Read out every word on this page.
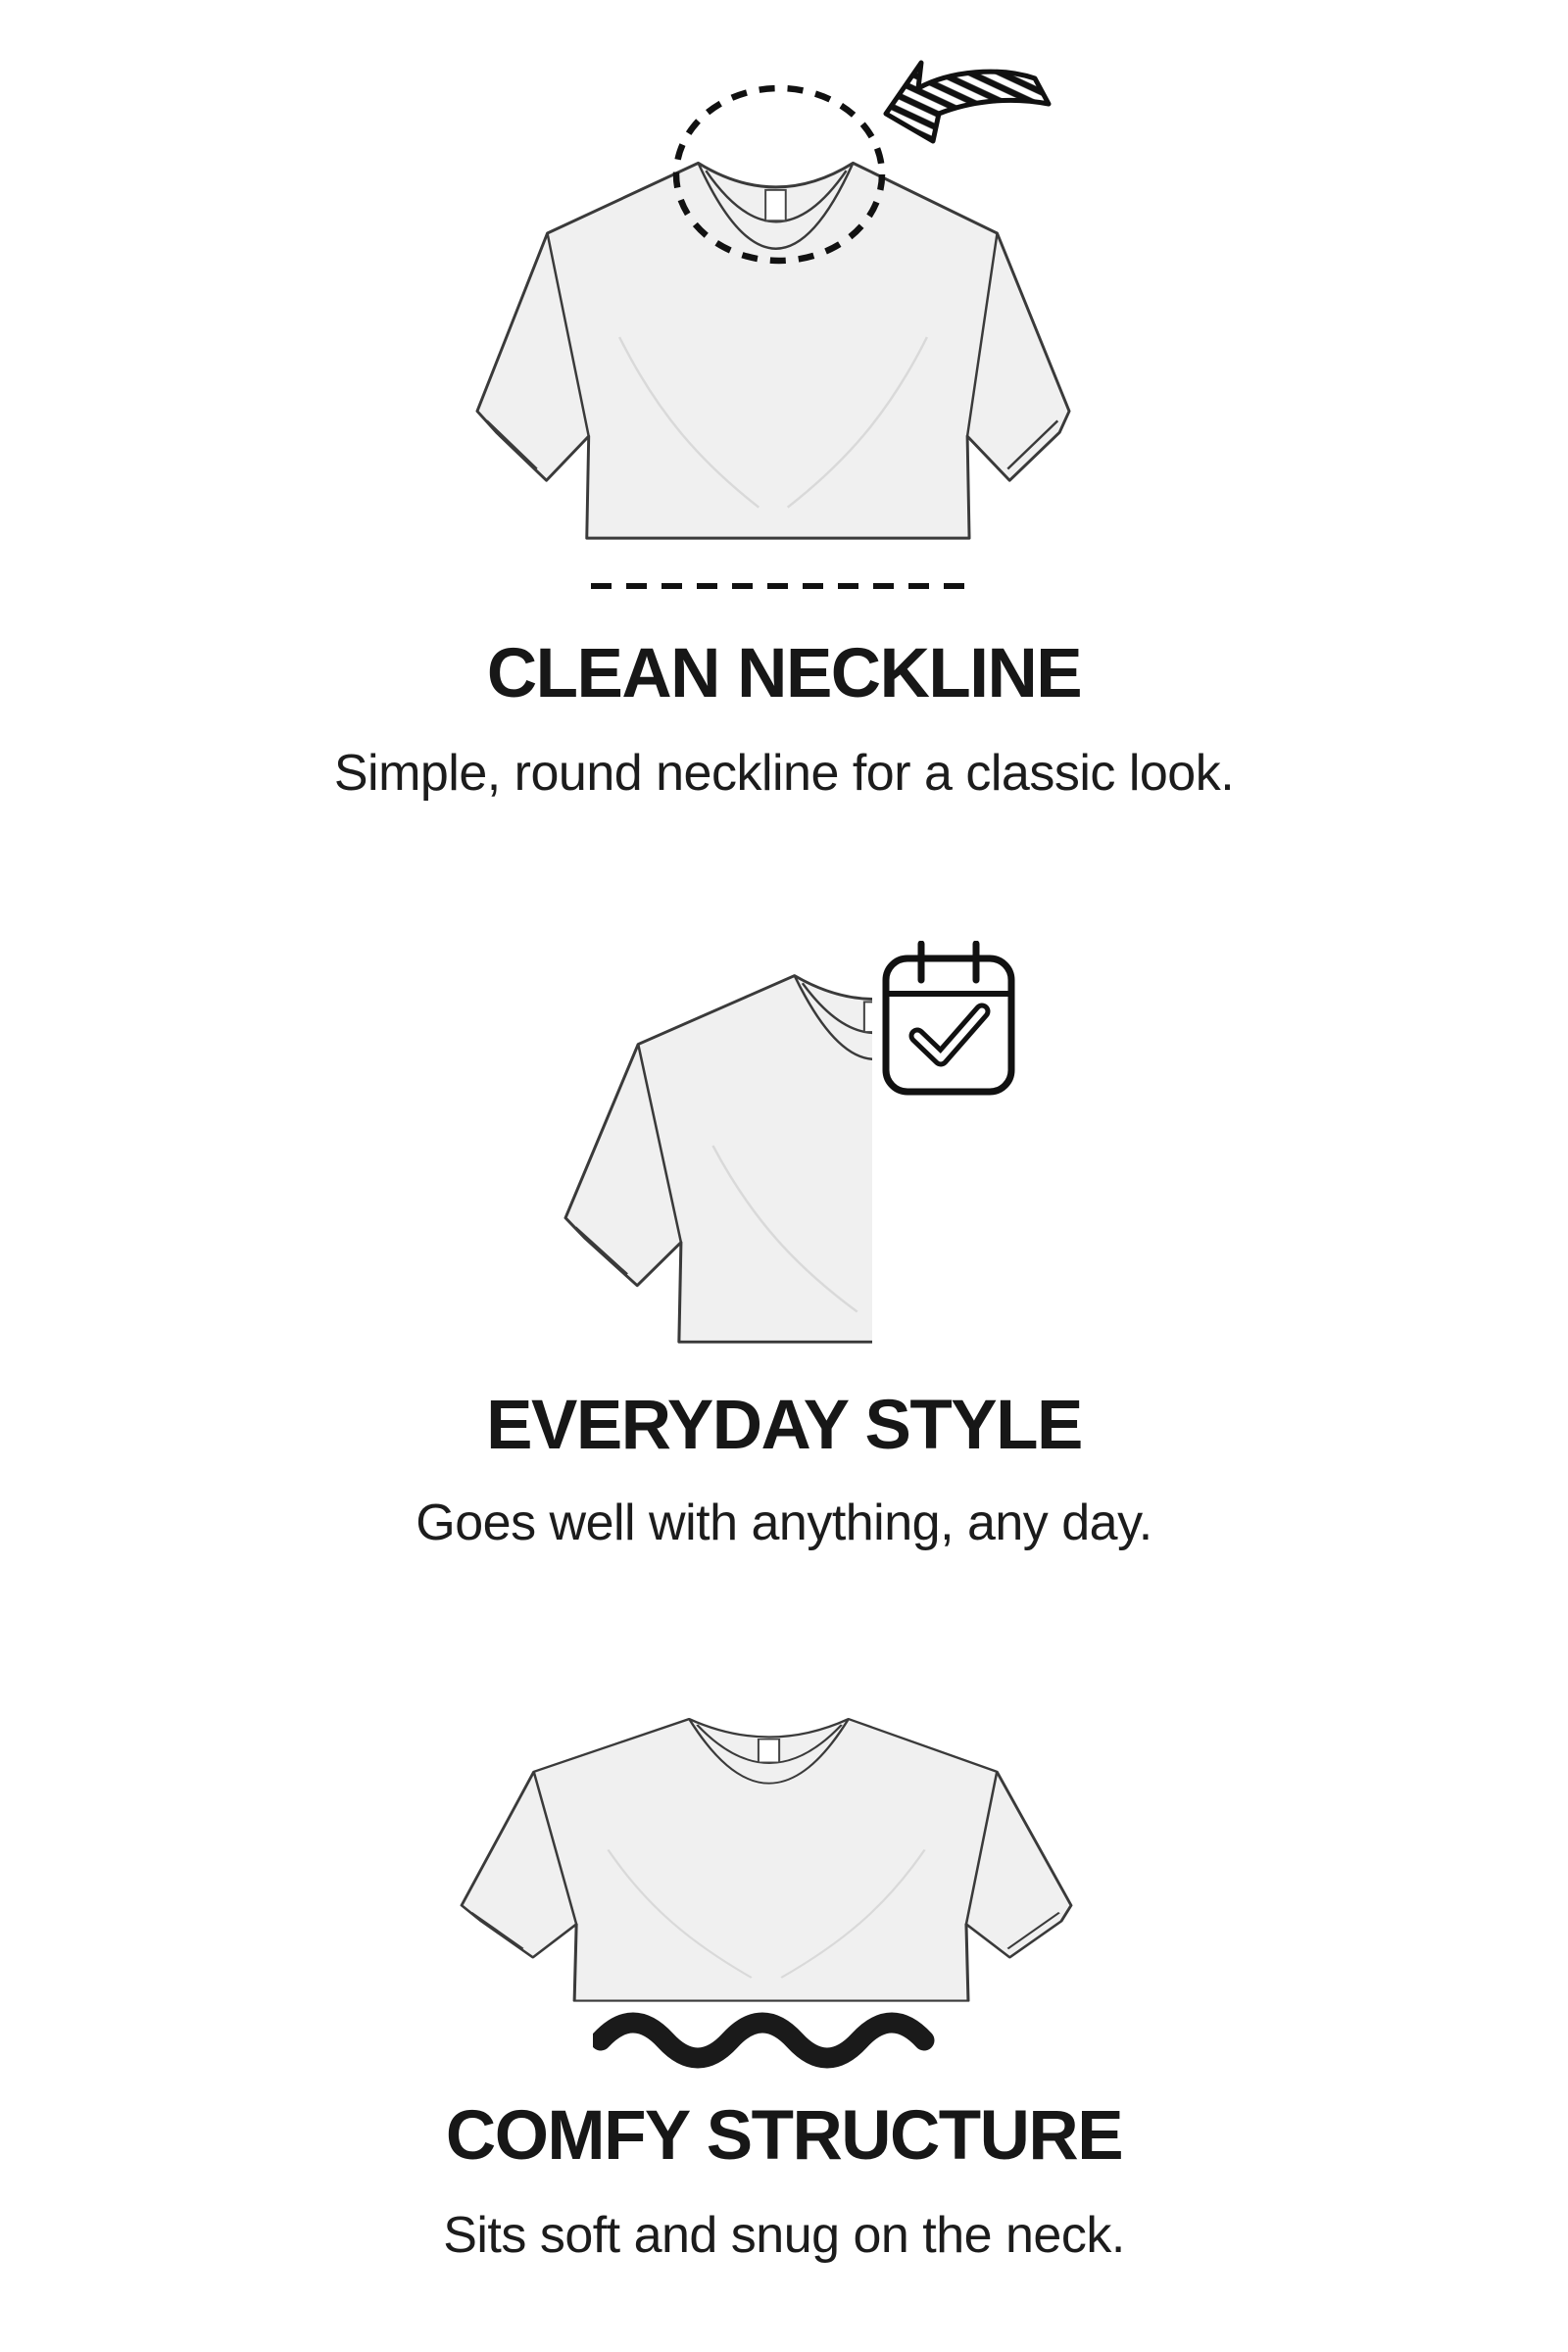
CLEAN NECKLINE

Simple, round neckline for a classic look.

EVERYDAY STYLE

Goes well with anything, any day.

COMFY STRUCTURE

Sits soft and snug on the neck.
